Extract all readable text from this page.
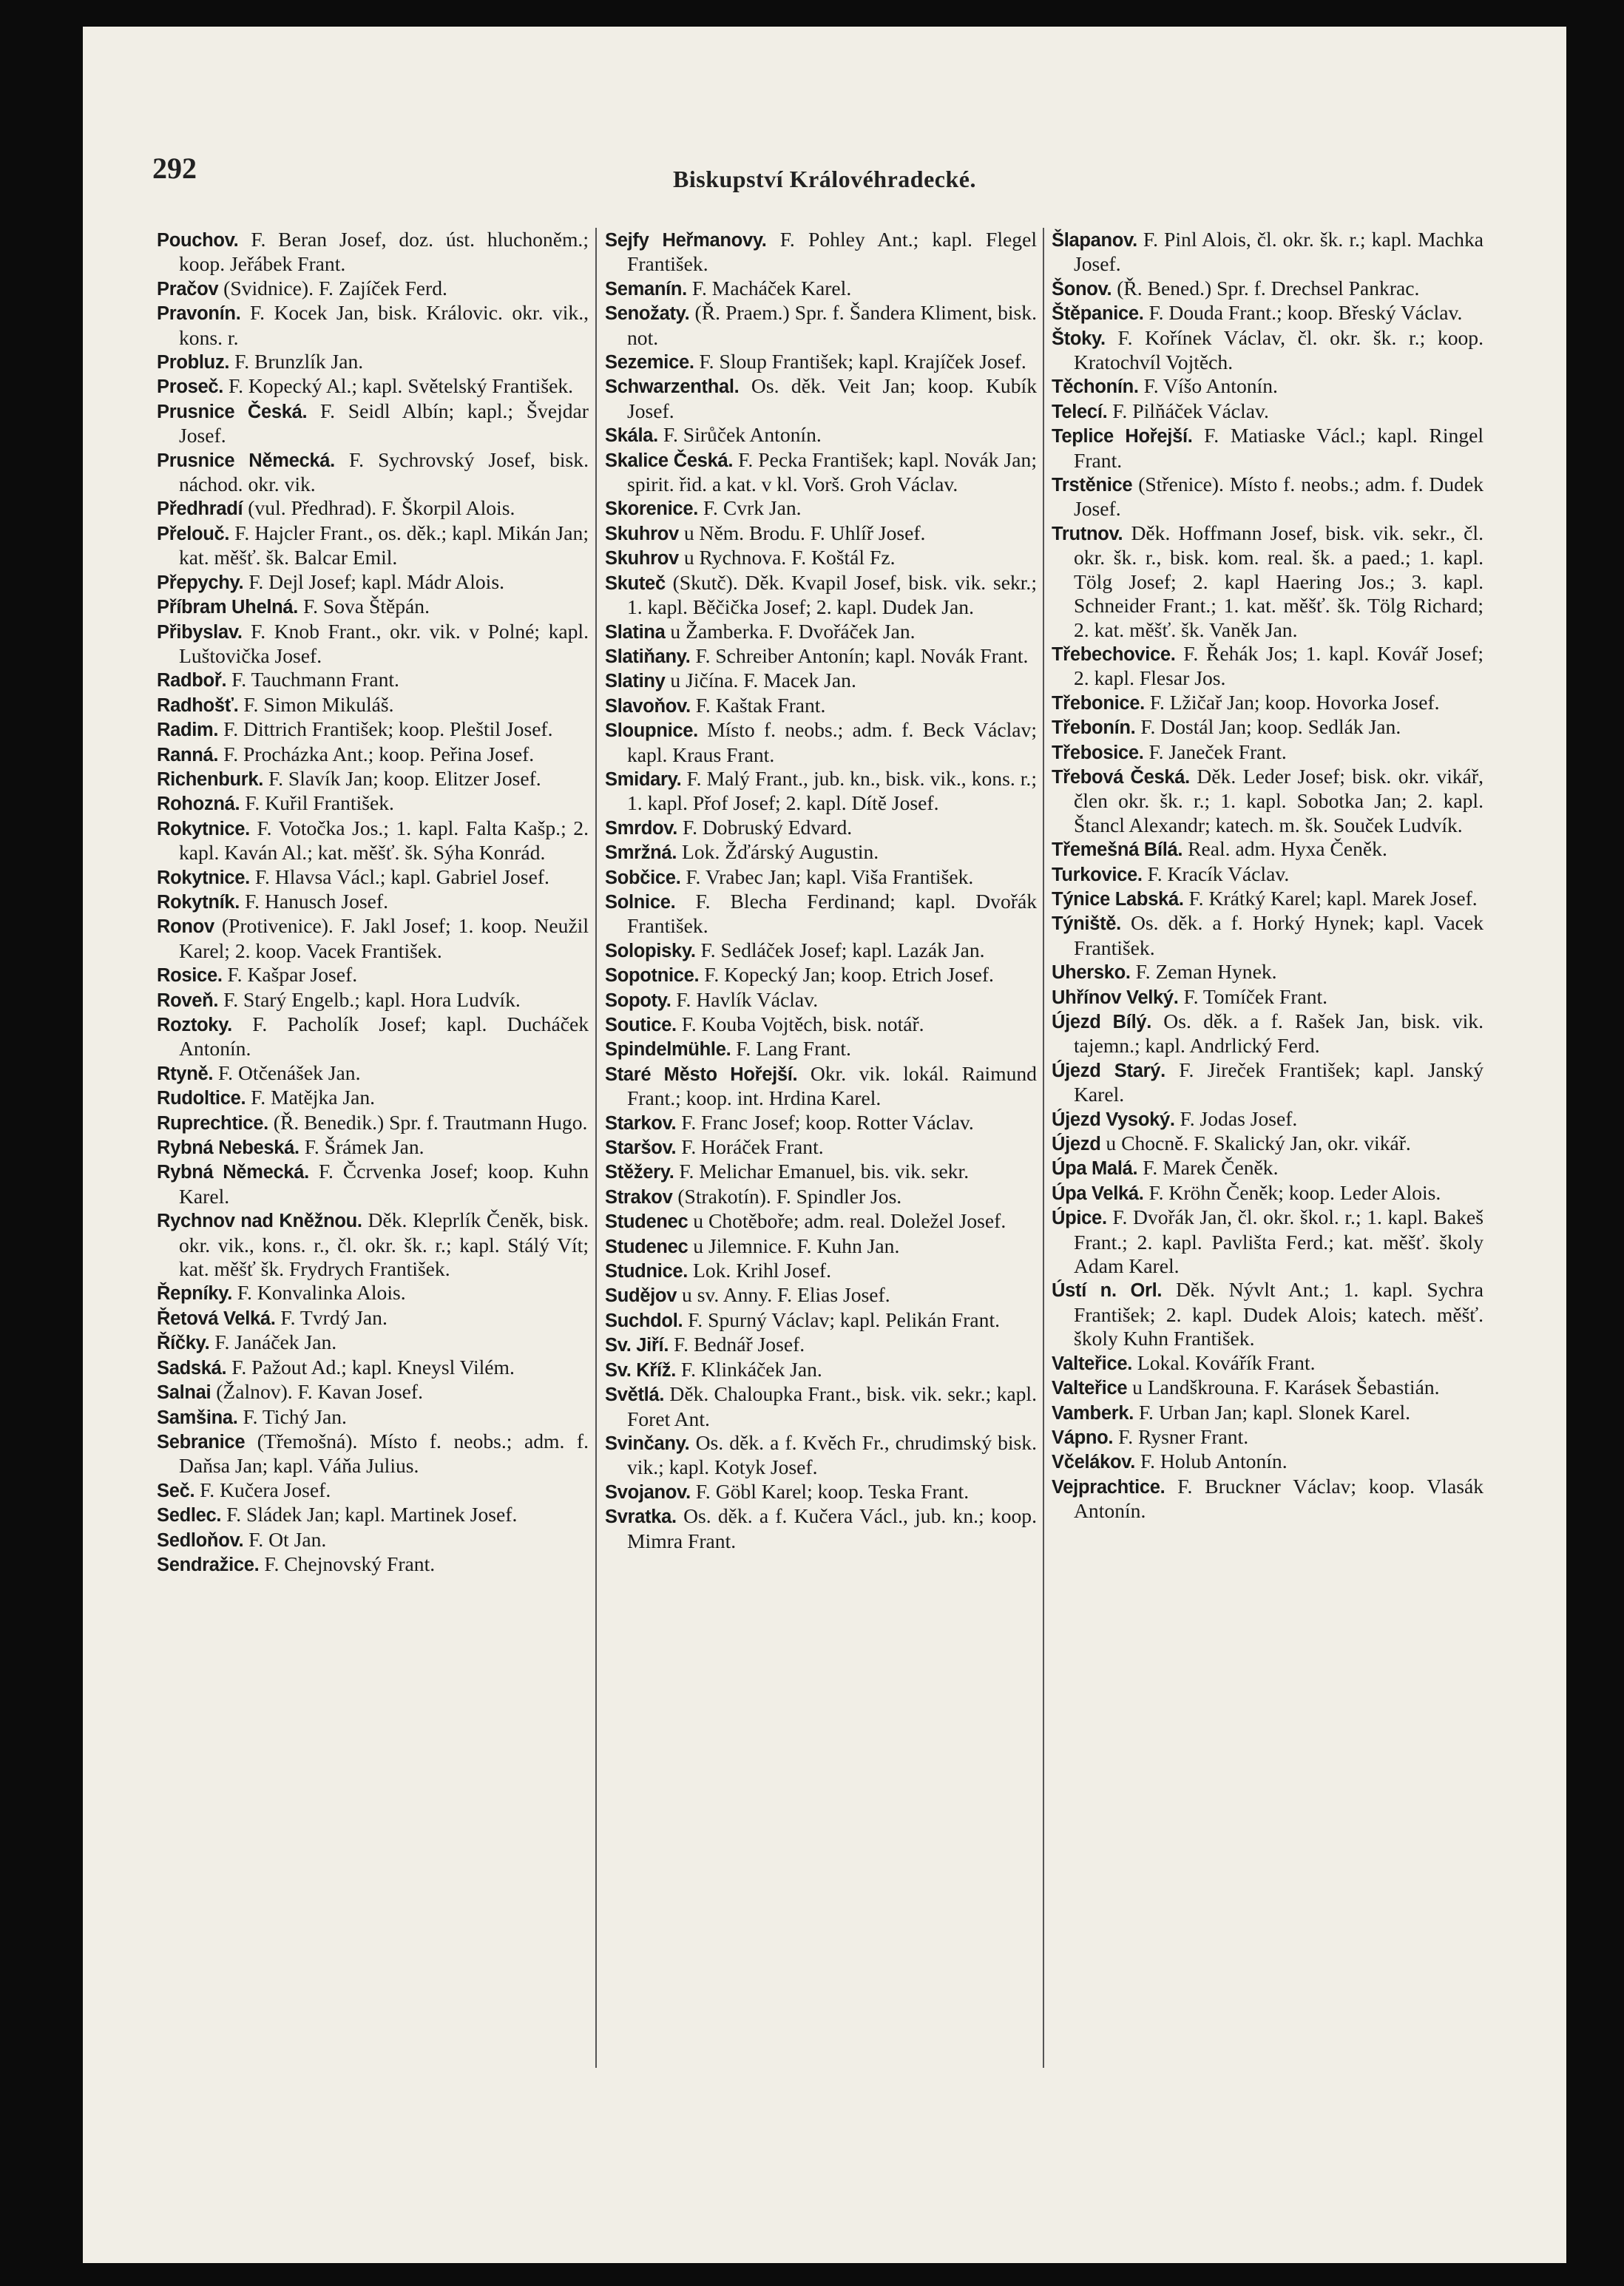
292	Biskupství Královéhradecké.

Pouchov. F. Beran Josef, doz. úst. hluchoněm.; koop. Jeřábek Frant.

Pračov (Svidnice). F. Zajíček Ferd.

Pravonín. F. Kocek Jan, bisk. Královic. okr. vik., kons. r.

Probluz. F. Brunzlík Jan.

Proseč. F. Kopecký Al.; kapl. Světelský František.

Prusnice Česká. F. Seidl Albín; kapl.; Švejdar Josef.

Prusnice Německá. F. Sychrovský Josef, bisk. náchod. okr. vik.

Předhradí (vul. Předhrad). F. Škorpil Alois.

Přelouč. F. Hajcler Frant., os. děk.; kapl. Mikán Jan; kat. měšť. šk. Balcar Emil.

Přepychy. F. Dejl Josef; kapl. Mádr Alois.

Příbram Uhelná. F. Sova Štěpán.

Přibyslav. F. Knob Frant., okr. vik. v Polné; kapl. Luštovička Josef.

Radboř. F. Tauchmann Frant.

Radhošť. F. Simon Mikuláš.

Radim. F. Dittrich František; koop. Pleštil Josef.

Ranná. F. Procházka Ant.; koop. Peřina Josef.

Richenburk. F. Slavík Jan; koop. Elitzer Josef.

Rohozná. F. Kuřil František.

Rokytnice. F. Votočka Jos.; 1. kapl. Falta Kašp.; 2. kapl. Kaván Al.; kat. měšť. šk. Sýha Konrád.

Rokytnice. F. Hlavsa Václ.; kapl. Gabriel Josef.

Rokytník. F. Hanusch Josef.

Ronov (Protivenice). F. Jakl Josef; 1. koop. Neužil Karel; 2. koop. Vacek František.

Rosice. F. Kašpar Josef.

Roveň. F. Starý Engelb.; kapl. Hora Ludvík.

Roztoky. F. Pacholík Josef; kapl. Ducháček Antonín.

Rtyně. F. Otčenášek Jan.

Rudoltice. F. Matějka Jan.

Ruprechtice. (Ř. Benedik.) Spr. f. Trautmann Hugo.

Rybná Nebeská. F. Šrámek Jan.

Rybná Německá. F. Čcrvenka Josef; koop. Kuhn Karel.

Rychnov nad Kněžnou. Děk. Kleprlík Čeněk, bisk. okr. vik., kons. r., čl. okr. šk. r.; kapl. Stálý Vít; kat. měšť šk. Frydrych František.

Řepníky. F. Konvalinka Alois.

Řetová Velká. F. Tvrdý Jan.

Říčky. F. Janáček Jan.

Sadská. F. Pažout Ad.; kapl. Kneysl Vilém.

Salnai (Žalnov). F. Kavan Josef.

Samšina. F. Tichý Jan.

Sebranice (Třemošná). Místo f. neobs.; adm. f. Daňsa Jan; kapl. Váňa Julius.

Seč. F. Kučera Josef.

Sedlec. F. Sládek Jan; kapl. Martinek Josef.

Sedloňov. F. Ot Jan.

Sendražice. F. Chejnovský Frant.

Sejfy Heřmanovy. F. Pohley Ant.; kapl. Flegel František.

Semanín. F. Macháček Karel.

Senožaty. (Ř. Praem.) Spr. f. Šandera Kliment, bisk. not.

Sezemice. F. Sloup František; kapl. Krajíček Josef.

Schwarzenthal. Os. děk. Veit Jan; koop. Kubík Josef.

Skála. F. Sirůček Antonín.

Skalice Česká. F. Pecka František; kapl. Novák Jan; spirit. řid. a kat. v kl. Vorš. Groh Václav.

Skorenice. F. Cvrk Jan.

Skuhrov u Něm. Brodu. F. Uhlíř Josef.

Skuhrov u Rychnova. F. Koštál Fz.

Skuteč (Skutč). Děk. Kvapil Josef, bisk. vik. sekr.; 1. kapl. Běčička Josef; 2. kapl. Dudek Jan.

Slatina u Žamberka. F. Dvořáček Jan.

Slatiňany. F. Schreiber Antonín; kapl. Novák Frant.

Slatiny u Jičína. F. Macek Jan.

Slavoňov. F. Kaštak Frant.

Sloupnice. Místo f. neobs.; adm. f. Beck Václav; kapl. Kraus Frant.

Smidary. F. Malý Frant., jub. kn., bisk. vik., kons. r.; 1. kapl. Přof Josef; 2. kapl. Dítě Josef.

Smrdov. F. Dobruský Edvard.

Smržná. Lok. Žďárský Augustin.

Sobčice. F. Vrabec Jan; kapl. Viša František.

Solnice. F. Blecha Ferdinand; kapl. Dvořák František.

Solopisky. F. Sedláček Josef; kapl. Lazák Jan.

Sopotnice. F. Kopecký Jan; koop. Etrich Josef.

Sopoty. F. Havlík Václav.

Soutice. F. Kouba Vojtěch, bisk. notář.

Spindelmühle. F. Lang Frant.

Staré Město Hořejší. Okr. vik. lokál. Raimund Frant.; koop. int. Hrdina Karel.

Starkov. F. Franc Josef; koop. Rotter Václav.

Staršov. F. Horáček Frant.

Stěžery. F. Melichar Emanuel, bis. vik. sekr.

Strakov (Strakotín). F. Spindler Jos.

Studenec u Chotěboře; adm. real. Doležel Josef.

Studenec u Jilemnice. F. Kuhn Jan.

Studnice. Lok. Krihl Josef.

Sudějov u sv. Anny. F. Elias Josef.

Suchdol. F. Spurný Václav; kapl. Pelikán Frant.

Sv. Jiří. F. Bednář Josef.

Sv. Kříž. F. Klinkáček Jan.

Světlá. Děk. Chaloupka Frant., bisk. vik. sekr.; kapl. Foret Ant.

Svinčany. Os. děk. a f. Kvěch Fr., chrudimský bisk. vik.; kapl. Kotyk Josef.

Svojanov. F. Göbl Karel; koop. Teska Frant.

Svratka. Os. děk. a f. Kučera Václ., jub. kn.; koop. Mimra Frant.

Šlapanov. F. Pinl Alois, čl. okr. šk. r.; kapl. Machka Josef.

Šonov. (Ř. Bened.) Spr. f. Drechsel Pankrac.

Štěpanice. F. Douda Frant.; koop. Břeský Václav.

Štoky. F. Kořínek Václav, čl. okr. šk. r.; koop. Kratochvíl Vojtěch.

Těchonín. F. Víšo Antonín.

Telecí. F. Pilňáček Václav.

Teplice Hořejší. F. Matiaske Václ.; kapl. Ringel Frant.

Trstěnice (Střenice). Místo f. neobs.; adm. f. Dudek Josef.

Trutnov. Děk. Hoffmann Josef, bisk. vik. sekr., čl. okr. šk. r., bisk. kom. real. šk. a paed.; 1. kapl. Tölg Josef; 2. kapl Haering Jos.; 3. kapl. Schneider Frant.; 1. kat. měšť. šk. Tölg Richard; 2. kat. měšť. šk. Vaněk Jan.

Třebechovice. F. Řehák Jos; 1. kapl. Kovář Josef; 2. kapl. Flesar Jos.

Třebonice. F. Lžičař Jan; koop. Hovorka Josef.

Třebonín. F. Dostál Jan; koop. Sedlák Jan.

Třebosice. F. Janeček Frant.

Třebová Česká. Děk. Leder Josef; bisk. okr. vikář, člen okr. šk. r.; 1. kapl. Sobotka Jan; 2. kapl. Štancl Alexandr; katech. m. šk. Souček Ludvík.

Třemešná Bílá. Real. adm. Hyxa Čeněk.

Turkovice. F. Kracík Václav.

Týnice Labská. F. Krátký Karel; kapl. Marek Josef.

Týniště. Os. děk. a f. Horký Hynek; kapl. Vacek František.

Uhersko. F. Zeman Hynek.

Uhřínov Velký. F. Tomíček Frant.

Újezd Bílý. Os. děk. a f. Rašek Jan, bisk. vik. tajemn.; kapl. Andrlický Ferd.

Újezd Starý. F. Jireček František; kapl. Janský Karel.

Újezd Vysoký. F. Jodas Josef.

Újezd u Chocně. F. Skalický Jan, okr. vikář.

Úpa Malá. F. Marek Čeněk.

Úpa Velká. F. Kröhn Čeněk; koop. Leder Alois.

Úpice. F. Dvořák Jan, čl. okr. škol. r.; 1. kapl. Bakeš Frant.; 2. kapl. Pavlišta Ferd.; kat. měšť. školy Adam Karel.

Ústí n. Orl. Děk. Nývlt Ant.; 1. kapl. Sychra František; 2. kapl. Dudek Alois; katech. měšť. školy Kuhn František.

Valteřice. Lokal. Kovářík Frant.

Valteřice u Landškrouna. F. Karásek Šebastián.

Vamberk. F. Urban Jan; kapl. Slonek Karel.

Vápno. F. Rysner Frant.

Včelákov. F. Holub Antonín.

Vejprachtice. F. Bruckner Václav; koop. Vlasák Antonín.
